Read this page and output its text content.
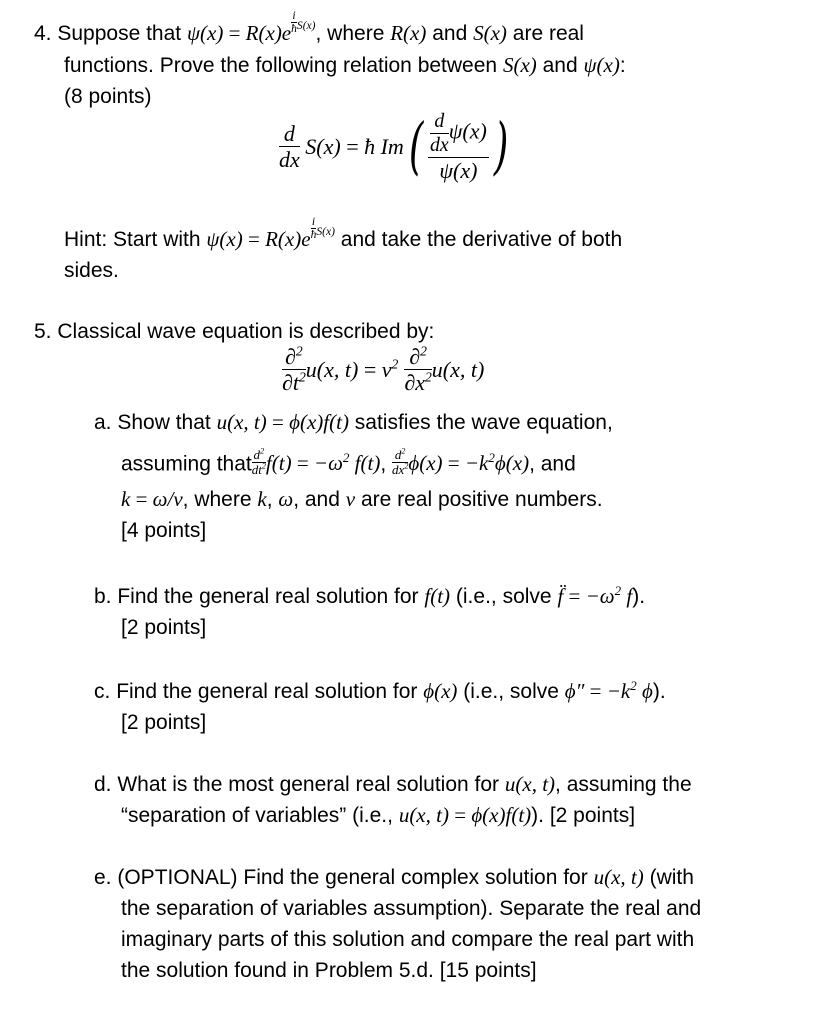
4. Suppose that $\psi(x) = R(x)e \frac{i}{ħ} S(x)$, where R(x) and S(x) are real
functions. Prove the following relation between S(x) and ψ(x):
(8 points)
$\frac{d}{dx} S(x)$ = ħ Im ( $\frac{\frac{d}{dx} \psi(x)}{\psi(x)}$ )
Hint: Start with $\psi(x) = R(x)e \frac{i}{ħ} S(x)$ and take the derivative of both
sides.
5. Classical wave equation is described by:
$\frac{\partial^2}{\partial t^2} u(x$, $t) = v^2 \frac{\partial^2}{\partial x^2} u(x$, t)
a. Show that u(x, t) = ϕ(x)f(t) satisfies the wave equation,
assuming that $\frac{d^2}{dt^2} f(t) = -\omega^2$ f(t), $\frac{d^2}{dx^2} \phi(x) = -k^2\phi(x)$, and
k = ω/v, where k, ω, and v are real positive numbers.
[4 points]
b. Find the general real solution for f(t) (i.e., solve f̈ = $-\omega^2$ f).
[2 points]
c. Find the general real solution for ϕ(x) (i.e., solve $\phi'' = -k^2$ ϕ).
[2 points]
d. What is the most general real solution for u(x, t), assuming the
“separation of variables” (i.e., u(x, t) = ϕ(x)f(t)). [2 points]
e. (OPTIONAL) Find the general complex solution for u(x, t) (with
the separation of variables assumption). Separate the real and
imaginary parts of this solution and compare the real part with
the solution found in Problem 5.d. [15 points]
